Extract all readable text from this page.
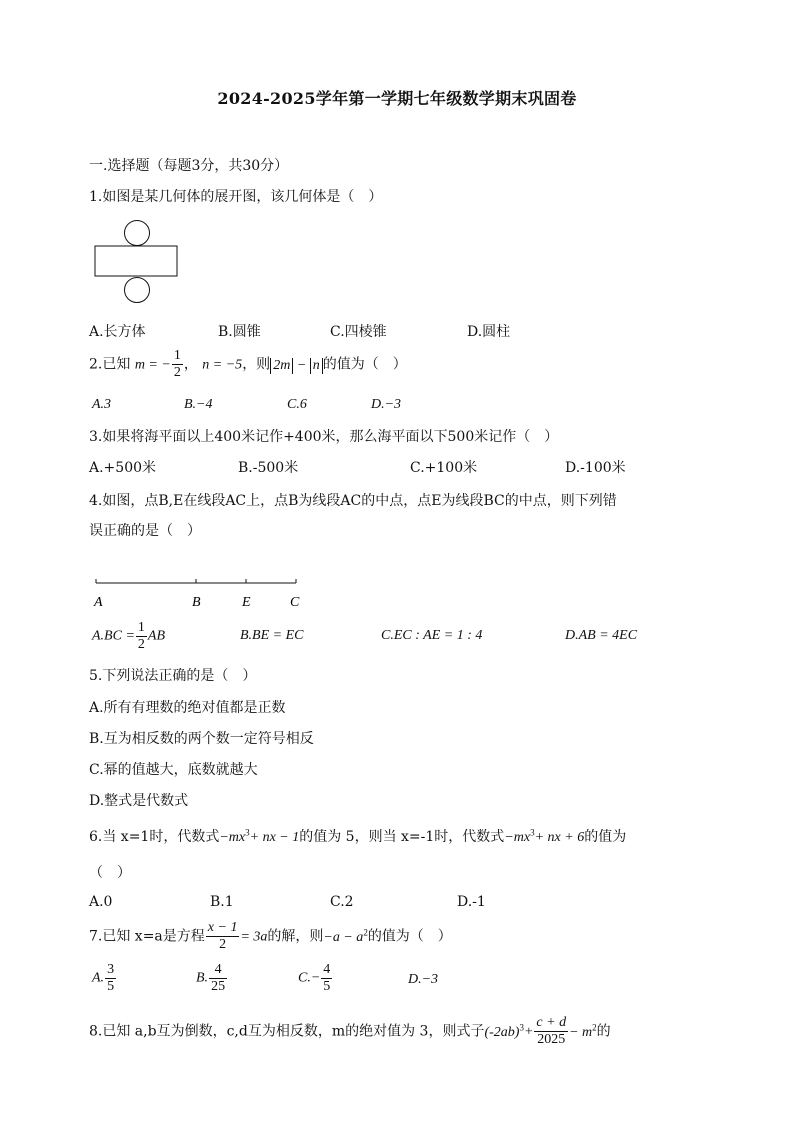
2024-2025学年第一学期七年级数学期末巩固卷
一.选择题（每题3分，共30分）
1.如图是某几何体的展开图，该几何体是（　）
A.长方体	B.圆锥	C.四棱锥	D.圆柱
2.已知 m = − $\frac{1}{2}$ ， n = −5，则 2m − n 的值为（　）
A.3	B.−4	C.6	D.−3
3.如果将海平面以上400米记作+400米，那么海平面以下500米记作（　）
A.+500米	B.-500米	C.+100米	D.-100米
4.如图，点B,E在线段AC上，点B为线段AC的中点，点E为线段BC的中点，则下列错
误正确的是（　）
A	B	E	C
$A.BC = \frac{1}{2}$ AB	B.BE = EC	C.EC : AE = 1 : 4	D.AB = 4EC
5.下列说法正确的是（　）
A.所有有理数的绝对值都是正数
B.互为相反数的两个数一定符号相反
C.幂的值越大，底数就越大
D.整式是代数式
6.当 x=1时，代数式$-mx^3+$ nx − 1的值为 5，则当 x=-1时，代数式$-mx^3+$ nx + 6的值为
（　）
A.0	B.1	C.2	D.-1
7.已知 x=a是方程 $\frac{x - 1}{2} = 3a$的解，则$-a - a^2$的值为（　）
A. $\frac{3}{5}$	B. $\frac{4}{25}$	$C.- \frac{4}{5}$	D.−3
8.已知 a,b互为倒数，c,d互为相反数，m的绝对值为 3，则式子$(-2ab)^3+ \frac{c + d}{2025} - m^2$的
